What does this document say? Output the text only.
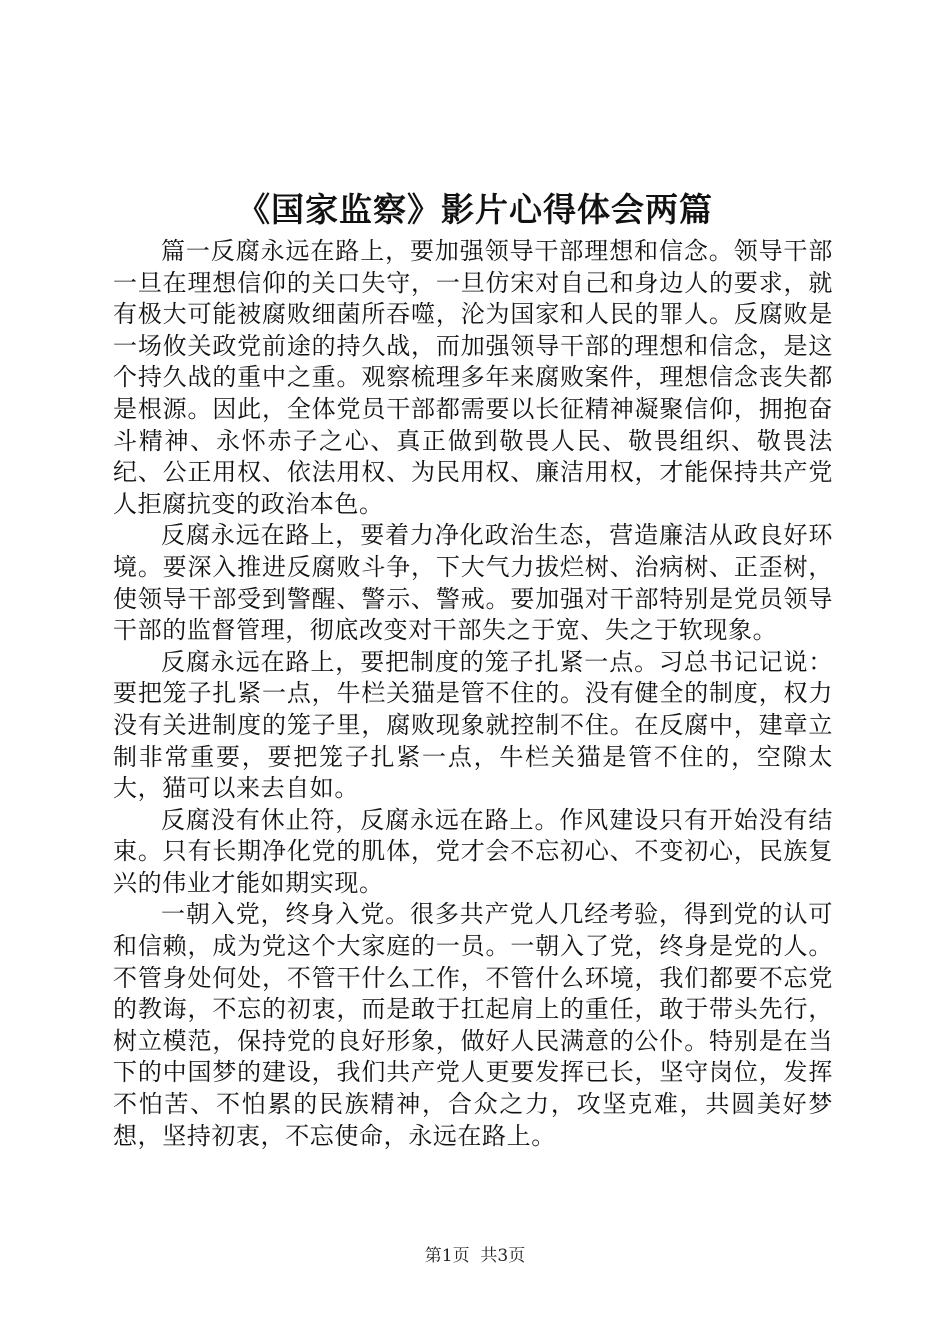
《国家监察》影片心得体会两篇

篇一反腐永远在路上，要加强领导干部理想和信念。领导干部一旦在理想信仰的关口失守，一旦仿宋对自己和身边人的要求，就有极大可能被腐败细菌所吞噬，沦为国家和人民的罪人。反腐败是一场攸关政党前途的持久战，而加强领导干部的理想和信念，是这个持久战的重中之重。观察梳理多年来腐败案件，理想信念丧失都是根源。因此，全体党员干部都需要以长征精神凝聚信仰，拥抱奋斗精神、永怀赤子之心、真正做到敬畏人民、敬畏组织、敬畏法纪、公正用权、依法用权、为民用权、廉洁用权，才能保持共产党人拒腐抗变的政治本色。

反腐永远在路上，要着力净化政治生态，营造廉洁从政良好环境。要深入推进反腐败斗争，下大气力拔烂树、治病树、正歪树，使领导干部受到警醒、警示、警戒。要加强对干部特别是党员领导干部的监督管理，彻底改变对干部失之于宽、失之于软现象。

反腐永远在路上，要把制度的笼子扎紧一点。习总书记记说：要把笼子扎紧一点，牛栏关猫是管不住的。没有健全的制度，权力没有关进制度的笼子里，腐败现象就控制不住。在反腐中，建章立制非常重要，要把笼子扎紧一点，牛栏关猫是管不住的，空隙太大，猫可以来去自如。

反腐没有休止符，反腐永远在路上。作风建设只有开始没有结束。只有长期净化党的肌体，党才会不忘初心、不变初心，民族复兴的伟业才能如期实现。

一朝入党，终身入党。很多共产党人几经考验，得到党的认可和信赖，成为党这个大家庭的一员。一朝入了党，终身是党的人。不管身处何处，不管干什么工作，不管什么环境，我们都要不忘党的教诲，不忘的初衷，而是敢于扛起肩上的重任，敢于带头先行，树立模范，保持党的良好形象，做好人民满意的公仆。特别是在当下的中国梦的建设，我们共产党人更要发挥已长，坚守岗位，发挥不怕苦、不怕累的民族精神，合众之力，攻坚克难，共圆美好梦想，坚持初衷，不忘使命，永远在路上。

第1页  共3页
